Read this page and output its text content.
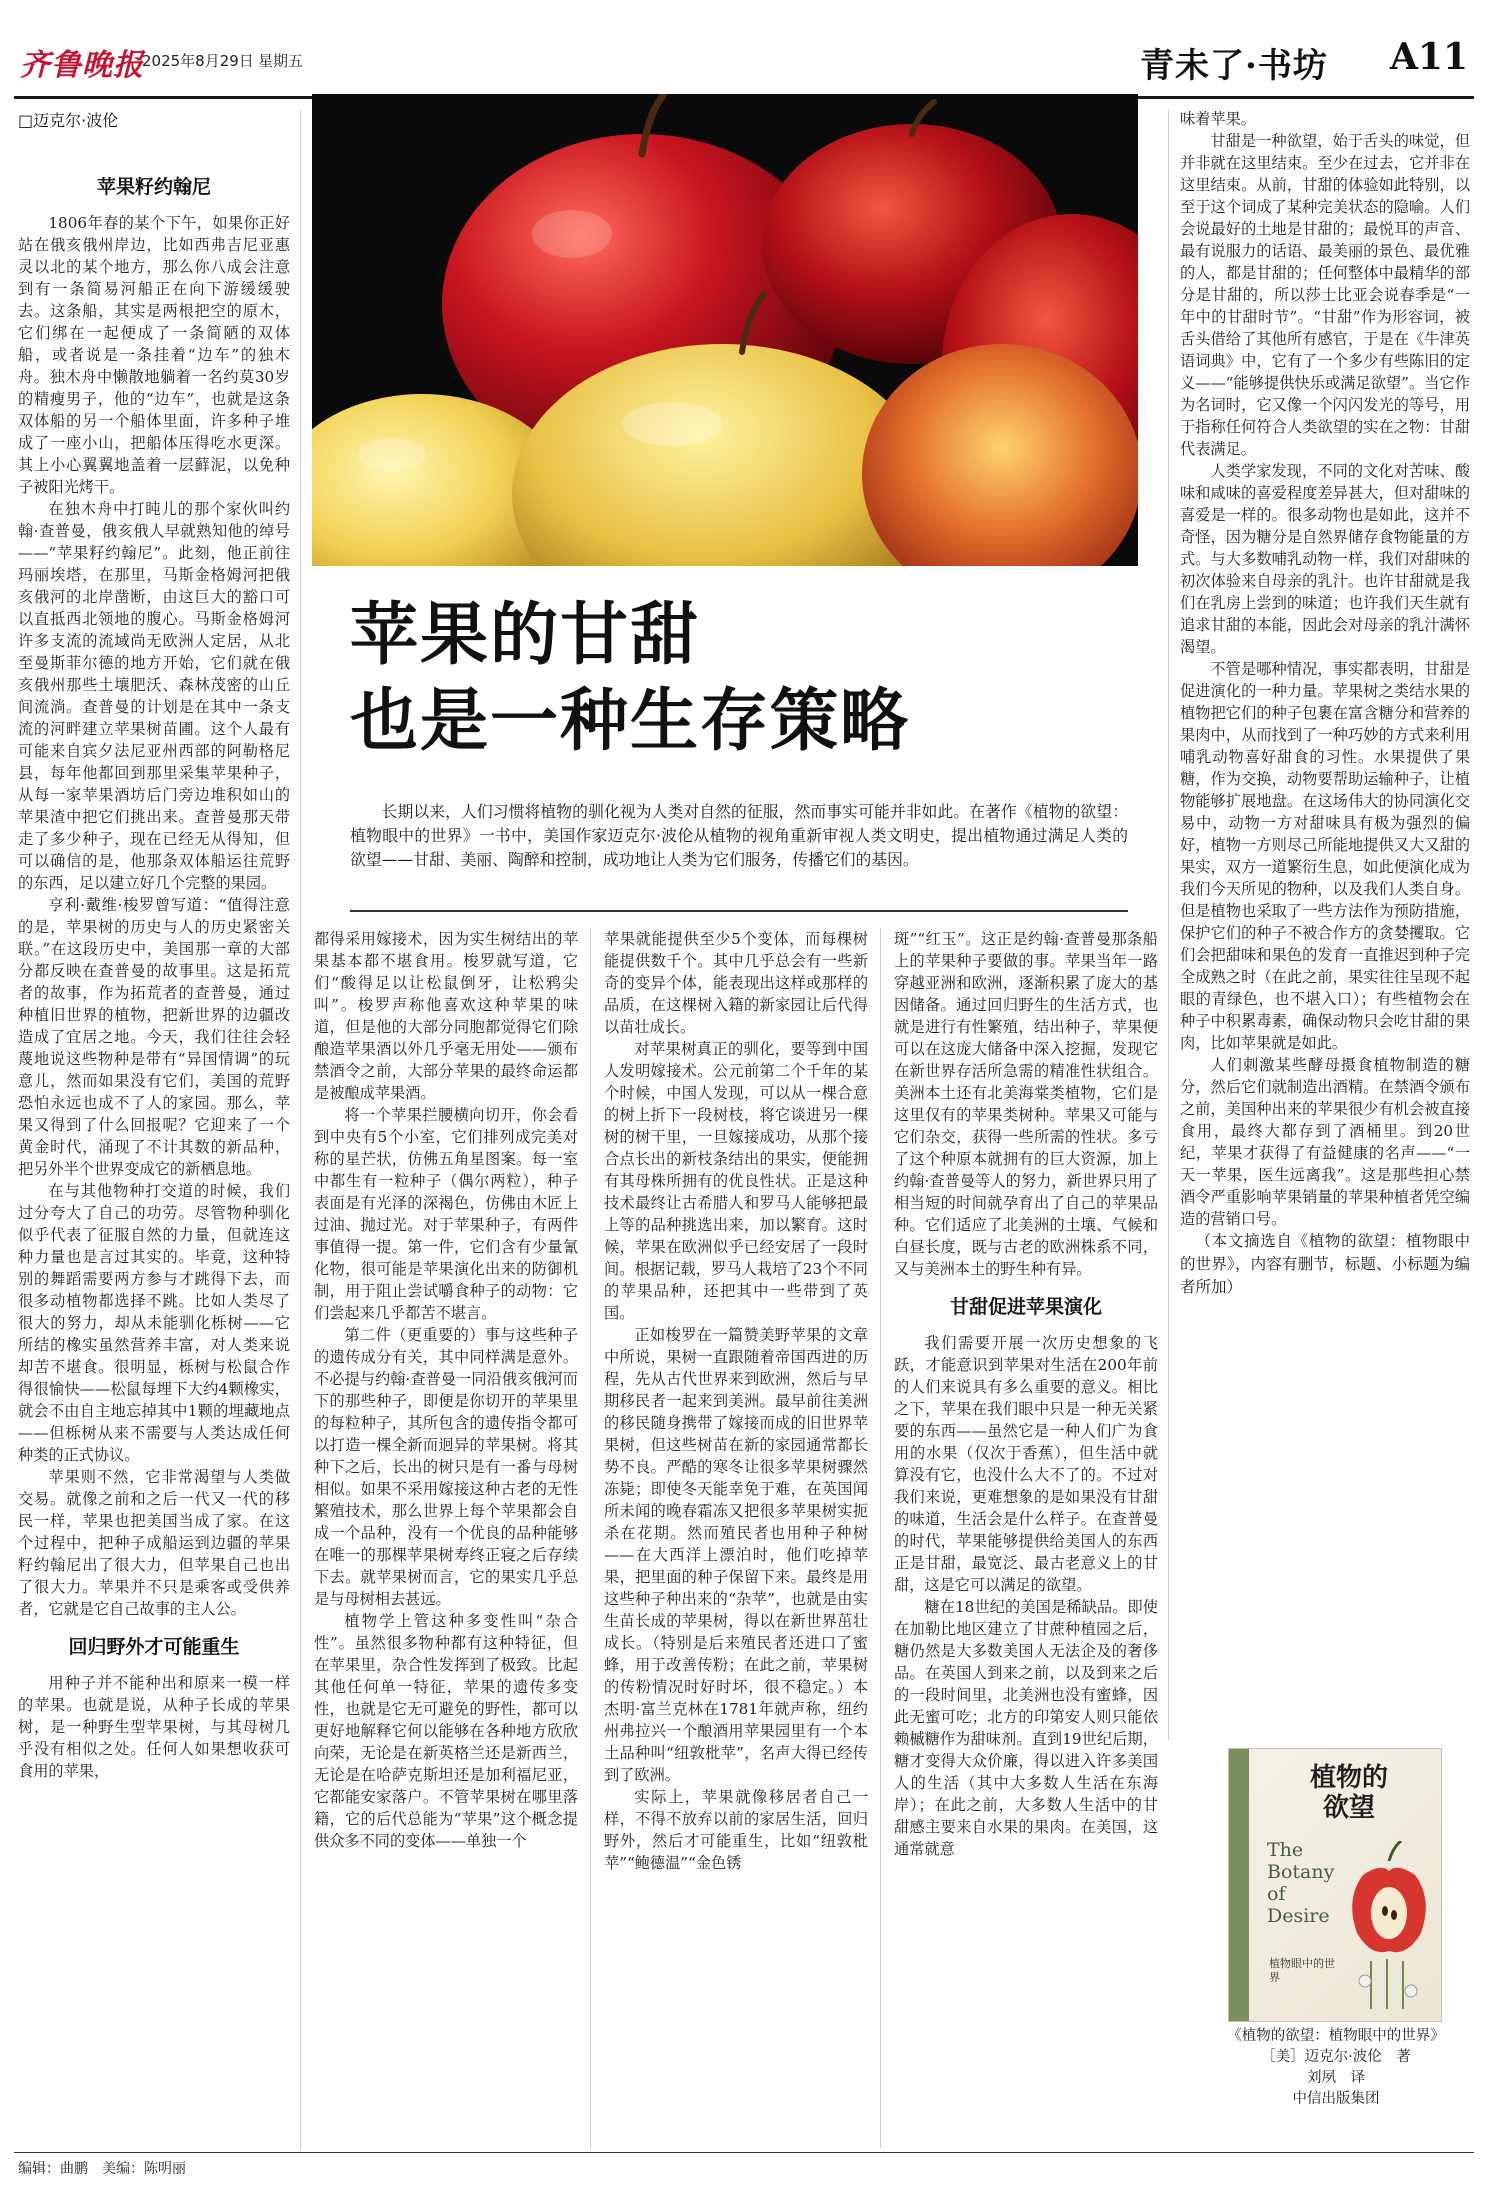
齐鲁晚报
2025年8月29日 星期五	青未了·书坊 A11
□迈克尔·波伦
苹果籽约翰尼

1806年春的某个下午，如果你正好站在俄亥俄州岸边，比如西弗吉尼亚惠灵以北的某个地方，那么你八成会注意到有一条简易河船正在向下游缓缓驶去。这条船，其实是两根把空的原木，它们绑在一起便成了一条简陋的双体船，或者说是一条挂着“边车”的独木舟。独木舟中懒散地躺着一名约莫30岁的精瘦男子，他的“边车”，也就是这条双体船的另一个船体里面，许多种子堆成了一座小山，把船体压得吃水更深。其上小心翼翼地盖着一层藓泥，以免种子被阳光烤干。

在独木舟中打盹儿的那个家伙叫约翰·查普曼，俄亥俄人早就熟知他的绰号——“苹果籽约翰尼”。此刻，他正前往玛丽埃塔，在那里，马斯金格姆河把俄亥俄河的北岸凿断，由这巨大的豁口可以直抵西北领地的腹心。马斯金格姆河许多支流的流域尚无欧洲人定居，从北至曼斯菲尔德的地方开始，它们就在俄亥俄州那些土壤肥沃、森林茂密的山丘间流淌。查普曼的计划是在其中一条支流的河畔建立苹果树苗圃。这个人最有可能来自宾夕法尼亚州西部的阿勒格尼县，每年他都回到那里采集苹果种子，从每一家苹果酒坊后门旁边堆积如山的苹果渣中把它们挑出来。查普曼那天带走了多少种子，现在已经无从得知，但可以确信的是，他那条双体船运往荒野的东西，足以建立好几个完整的果园。

亨利·戴维·梭罗曾写道：“值得注意的是，苹果树的历史与人的历史紧密关联。”在这段历史中，美国那一章的大部分都反映在查普曼的故事里。这是拓荒者的故事，作为拓荒者的查普曼，通过种植旧世界的植物，把新世界的边疆改造成了宜居之地。今天，我们往往会轻蔑地说这些物种是带有“异国情调”的玩意儿，然而如果没有它们，美国的荒野恐怕永远也成不了人的家园。那么，苹果又得到了什么回报呢？它迎来了一个黄金时代，涌现了不计其数的新品种，把另外半个世界变成它的新栖息地。

在与其他物种打交道的时候，我们过分夸大了自己的功劳。尽管物种驯化似乎代表了征服自然的力量，但就连这种力量也是言过其实的。毕竟，这种特别的舞蹈需要两方参与才跳得下去，而很多动植物都选择不跳。比如人类尽了很大的努力，却从未能驯化栎树——它所结的橡实虽然营养丰富，对人类来说却苦不堪食。很明显，栎树与松鼠合作得很愉快——松鼠每埋下大约4颗橡实，就会不由自主地忘掉其中1颗的埋藏地点——但栎树从来不需要与人类达成任何种类的正式协议。

苹果则不然，它非常渴望与人类做交易。就像之前和之后一代又一代的移民一样，苹果也把美国当成了家。在这个过程中，把种子成船运到边疆的苹果籽约翰尼出了很大力，但苹果自己也出了很大力。苹果并不只是乘客或受供养者，它就是它自己故事的主人公。

回归野外才可能重生

用种子并不能种出和原来一模一样的苹果。也就是说，从种子长成的苹果树，是一种野生型苹果树，与其母树几乎没有相似之处。任何人如果想收获可食用的苹果，

苹果的甘甜
也是一种生存策略
长期以来，人们习惯将植物的驯化视为人类对自然的征服，然而事实可能并非如此。在著作《植物的欲望：植物眼中的世界》一书中，美国作家迈克尔·波伦从植物的视角重新审视人类文明史，提出植物通过满足人类的欲望——甘甜、美丽、陶醉和控制，成功地让人类为它们服务，传播它们的基因。

都得采用嫁接术，因为实生树结出的苹果基本都不堪食用。梭罗就写道，它们“酸得足以让松鼠倒牙，让松鸦尖叫”。梭罗声称他喜欢这种苹果的味道，但是他的大部分同胞都觉得它们除酿造苹果酒以外几乎毫无用处——颁布禁酒令之前，大部分苹果的最终命运都是被酿成苹果酒。

将一个苹果拦腰横向切开，你会看到中央有5个小室，它们排列成完美对称的星芒状，仿佛五角星图案。每一室中都生有一粒种子（偶尔两粒），种子表面是有光泽的深褐色，仿佛由木匠上过油、抛过光。对于苹果种子，有两件事值得一提。第一件，它们含有少量氰化物，很可能是苹果演化出来的防御机制，用于阻止尝试嚼食种子的动物：它们尝起来几乎都苦不堪言。

第二件（更重要的）事与这些种子的遗传成分有关，其中同样满是意外。不必提与约翰·查普曼一同沿俄亥俄河而下的那些种子，即便是你切开的苹果里的每粒种子，其所包含的遗传指令都可以打造一棵全新而迥异的苹果树。将其种下之后，长出的树只是有一番与母树相似。如果不采用嫁接这种古老的无性繁殖技术，那么世界上每个苹果都会自成一个品种，没有一个优良的品种能够在唯一的那棵苹果树寿终正寝之后存续下去。就苹果树而言，它的果实几乎总是与母树相去甚远。

植物学上管这种多变性叫“杂合性”。虽然很多物种都有这种特征，但在苹果里，杂合性发挥到了极致。比起其他任何单一特征，苹果的遗传多变性，也就是它无可避免的野性，都可以更好地解释它何以能够在各种地方欣欣向荣，无论是在新英格兰还是新西兰，无论是在哈萨克斯坦还是加利福尼亚，它都能安家落户。不管苹果树在哪里落籍，它的后代总能为“苹果”这个概念提供众多不同的变体——单独一个

苹果就能提供至少5个变体，而每棵树能提供数千个。其中几乎总会有一些新奇的变异个体，能表现出这样或那样的品质，在这棵树入籍的新家园让后代得以苗壮成长。

对苹果树真正的驯化，要等到中国人发明嫁接术。公元前第二个千年的某个时候，中国人发现，可以从一棵合意的树上折下一段树枝，将它谈进另一棵树的树干里，一旦嫁接成功，从那个接合点长出的新枝条结出的果实，便能拥有其母株所拥有的优良性状。正是这种技术最终让古希腊人和罗马人能够把最上等的品种挑选出来，加以繁育。这时候，苹果在欧洲似乎已经安居了一段时间。根据记载，罗马人栽培了23个不同的苹果品种，还把其中一些带到了英国。

正如梭罗在一篇赞美野苹果的文章中所说，果树一直跟随着帝国西进的历程，先从古代世界来到欧洲，然后与早期移民者一起来到美洲。最早前往美洲的移民随身携带了嫁接而成的旧世界苹果树，但这些树苗在新的家园通常都长势不良。严酷的寒冬让很多苹果树骤然冻毙；即使冬天能幸免于难，在英国闻所未闻的晚春霜冻又把很多苹果树实扼杀在花期。然而殖民者也用种子种树——在大西洋上漂泊时，他们吃掉苹果，把里面的种子保留下来。最终是用这些种子种出来的“杂苹”，也就是由实生苗长成的苹果树，得以在新世界茁壮成长。（特别是后来殖民者还进口了蜜蜂，用于改善传粉；在此之前，苹果树的传粉情况时好时坏，很不稳定。）本杰明·富兰克林在1781年就声称，纽约州弗拉兴一个酿酒用苹果园里有一个本土品种叫“纽敦枇苹”，名声大得已经传到了欧洲。

实际上，苹果就像移居者自己一样，不得不放弃以前的家居生活，回归野外，然后才可能重生，比如“纽敦枇苹”“鲍德温”“金色锈

斑”“红玉”。这正是约翰·查普曼那条船上的苹果种子要做的事。苹果当年一路穿越亚洲和欧洲，逐渐积累了庞大的基因储备。通过回归野生的生活方式，也就是进行有性繁殖，结出种子，苹果便可以在这庞大储备中深入挖掘，发现它在新世界存活所急需的精准性状组合。美洲本土还有北美海棠类植物，它们是这里仅有的苹果类树种。苹果又可能与它们杂交，获得一些所需的性状。多亏了这个种原本就拥有的巨大资源，加上约翰·查普曼等人的努力，新世界只用了相当短的时间就孕育出了自己的苹果品种。它们适应了北美洲的土壤、气候和白昼长度，既与古老的欧洲株系不同，又与美洲本土的野生种有异。

甘甜促进苹果演化

我们需要开展一次历史想象的飞跃，才能意识到苹果对生活在200年前的人们来说具有多么重要的意义。相比之下，苹果在我们眼中只是一种无关紧要的东西——虽然它是一种人们广为食用的水果（仅次于香蕉），但生活中就算没有它，也没什么大不了的。不过对我们来说，更难想象的是如果没有甘甜的味道，生活会是什么样子。在查普曼的时代，苹果能够提供给美国人的东西正是甘甜，最宽泛、最古老意义上的甘甜，这是它可以满足的欲望。

糖在18世纪的美国是稀缺品。即使在加勒比地区建立了甘蔗种植园之后，糖仍然是大多数美国人无法企及的奢侈品。在英国人到来之前，以及到来之后的一段时间里，北美洲也没有蜜蜂，因此无蜜可吃；北方的印第安人则只能依赖槭糖作为甜味剂。直到19世纪后期，糖才变得大众价廉，得以进入许多美国人的生活（其中大多数人生活在东海岸）；在此之前，大多数人生活中的甘甜感主要来自水果的果肉。在美国，这通常就意

味着苹果。

甘甜是一种欲望，始于舌头的味觉，但并非就在这里结束。至少在过去，它并非在这里结束。从前，甘甜的体验如此特别，以至于这个词成了某种完美状态的隐喻。人们会说最好的土地是甘甜的；最悦耳的声音、最有说服力的话语、最美丽的景色、最优雅的人，都是甘甜的；任何整体中最精华的部分是甘甜的，所以莎士比亚会说春季是“一年中的甘甜时节”。“甘甜”作为形容词，被舌头借给了其他所有感官，于是在《牛津英语词典》中，它有了一个多少有些陈旧的定义——“能够提供快乐或满足欲望”。当它作为名词时，它又像一个闪闪发光的等号，用于指称任何符合人类欲望的实在之物：甘甜代表满足。

人类学家发现，不同的文化对苦味、酸味和咸味的喜爱程度差异甚大，但对甜味的喜爱是一样的。很多动物也是如此，这并不奇怪，因为糖分是自然界储存食物能量的方式。与大多数哺乳动物一样，我们对甜味的初次体验来自母亲的乳汁。也许甘甜就是我们在乳房上尝到的味道；也许我们天生就有追求甘甜的本能，因此会对母亲的乳汁满怀渴望。

不管是哪种情况，事实都表明，甘甜是促进演化的一种力量。苹果树之类结水果的植物把它们的种子包裹在富含糖分和营养的果肉中，从而找到了一种巧妙的方式来利用哺乳动物喜好甜食的习性。水果提供了果糖，作为交换，动物要帮助运输种子，让植物能够扩展地盘。在这场伟大的协同演化交易中，动物一方对甜味具有极为强烈的偏好，植物一方则尽己所能地提供又大又甜的果实，双方一道繁衍生息，如此便演化成为我们今天所见的物种，以及我们人类自身。但是植物也采取了一些方法作为预防措施，保护它们的种子不被合作方的贪婪攫取。它们会把甜味和果色的发育一直推迟到种子完全成熟之时（在此之前，果实往往呈现不起眼的青绿色，也不堪入口）；有些植物会在种子中积累毒素，确保动物只会吃甘甜的果肉，比如苹果就是如此。

人们刺激某些酵母摄食植物制造的糖分，然后它们就制造出酒精。在禁酒令颁布之前，美国种出来的苹果很少有机会被直接食用，最终大都存到了酒桶里。到20世纪，苹果才获得了有益健康的名声——“一天一苹果，医生远离我”。这是那些担心禁酒令严重影响苹果销量的苹果种植者凭空编造的营销口号。

（本文摘选自《植物的欲望：植物眼中的世界》，内容有删节，标题、小标题为编者所加）

植物的
欲望
The Botany of Desire
植物眼中的世界
《植物的欲望：植物眼中的世界》
［美］迈克尔·波伦　著
刘夙　译
中信出版集团
编辑：曲鹏　美编：陈明丽
